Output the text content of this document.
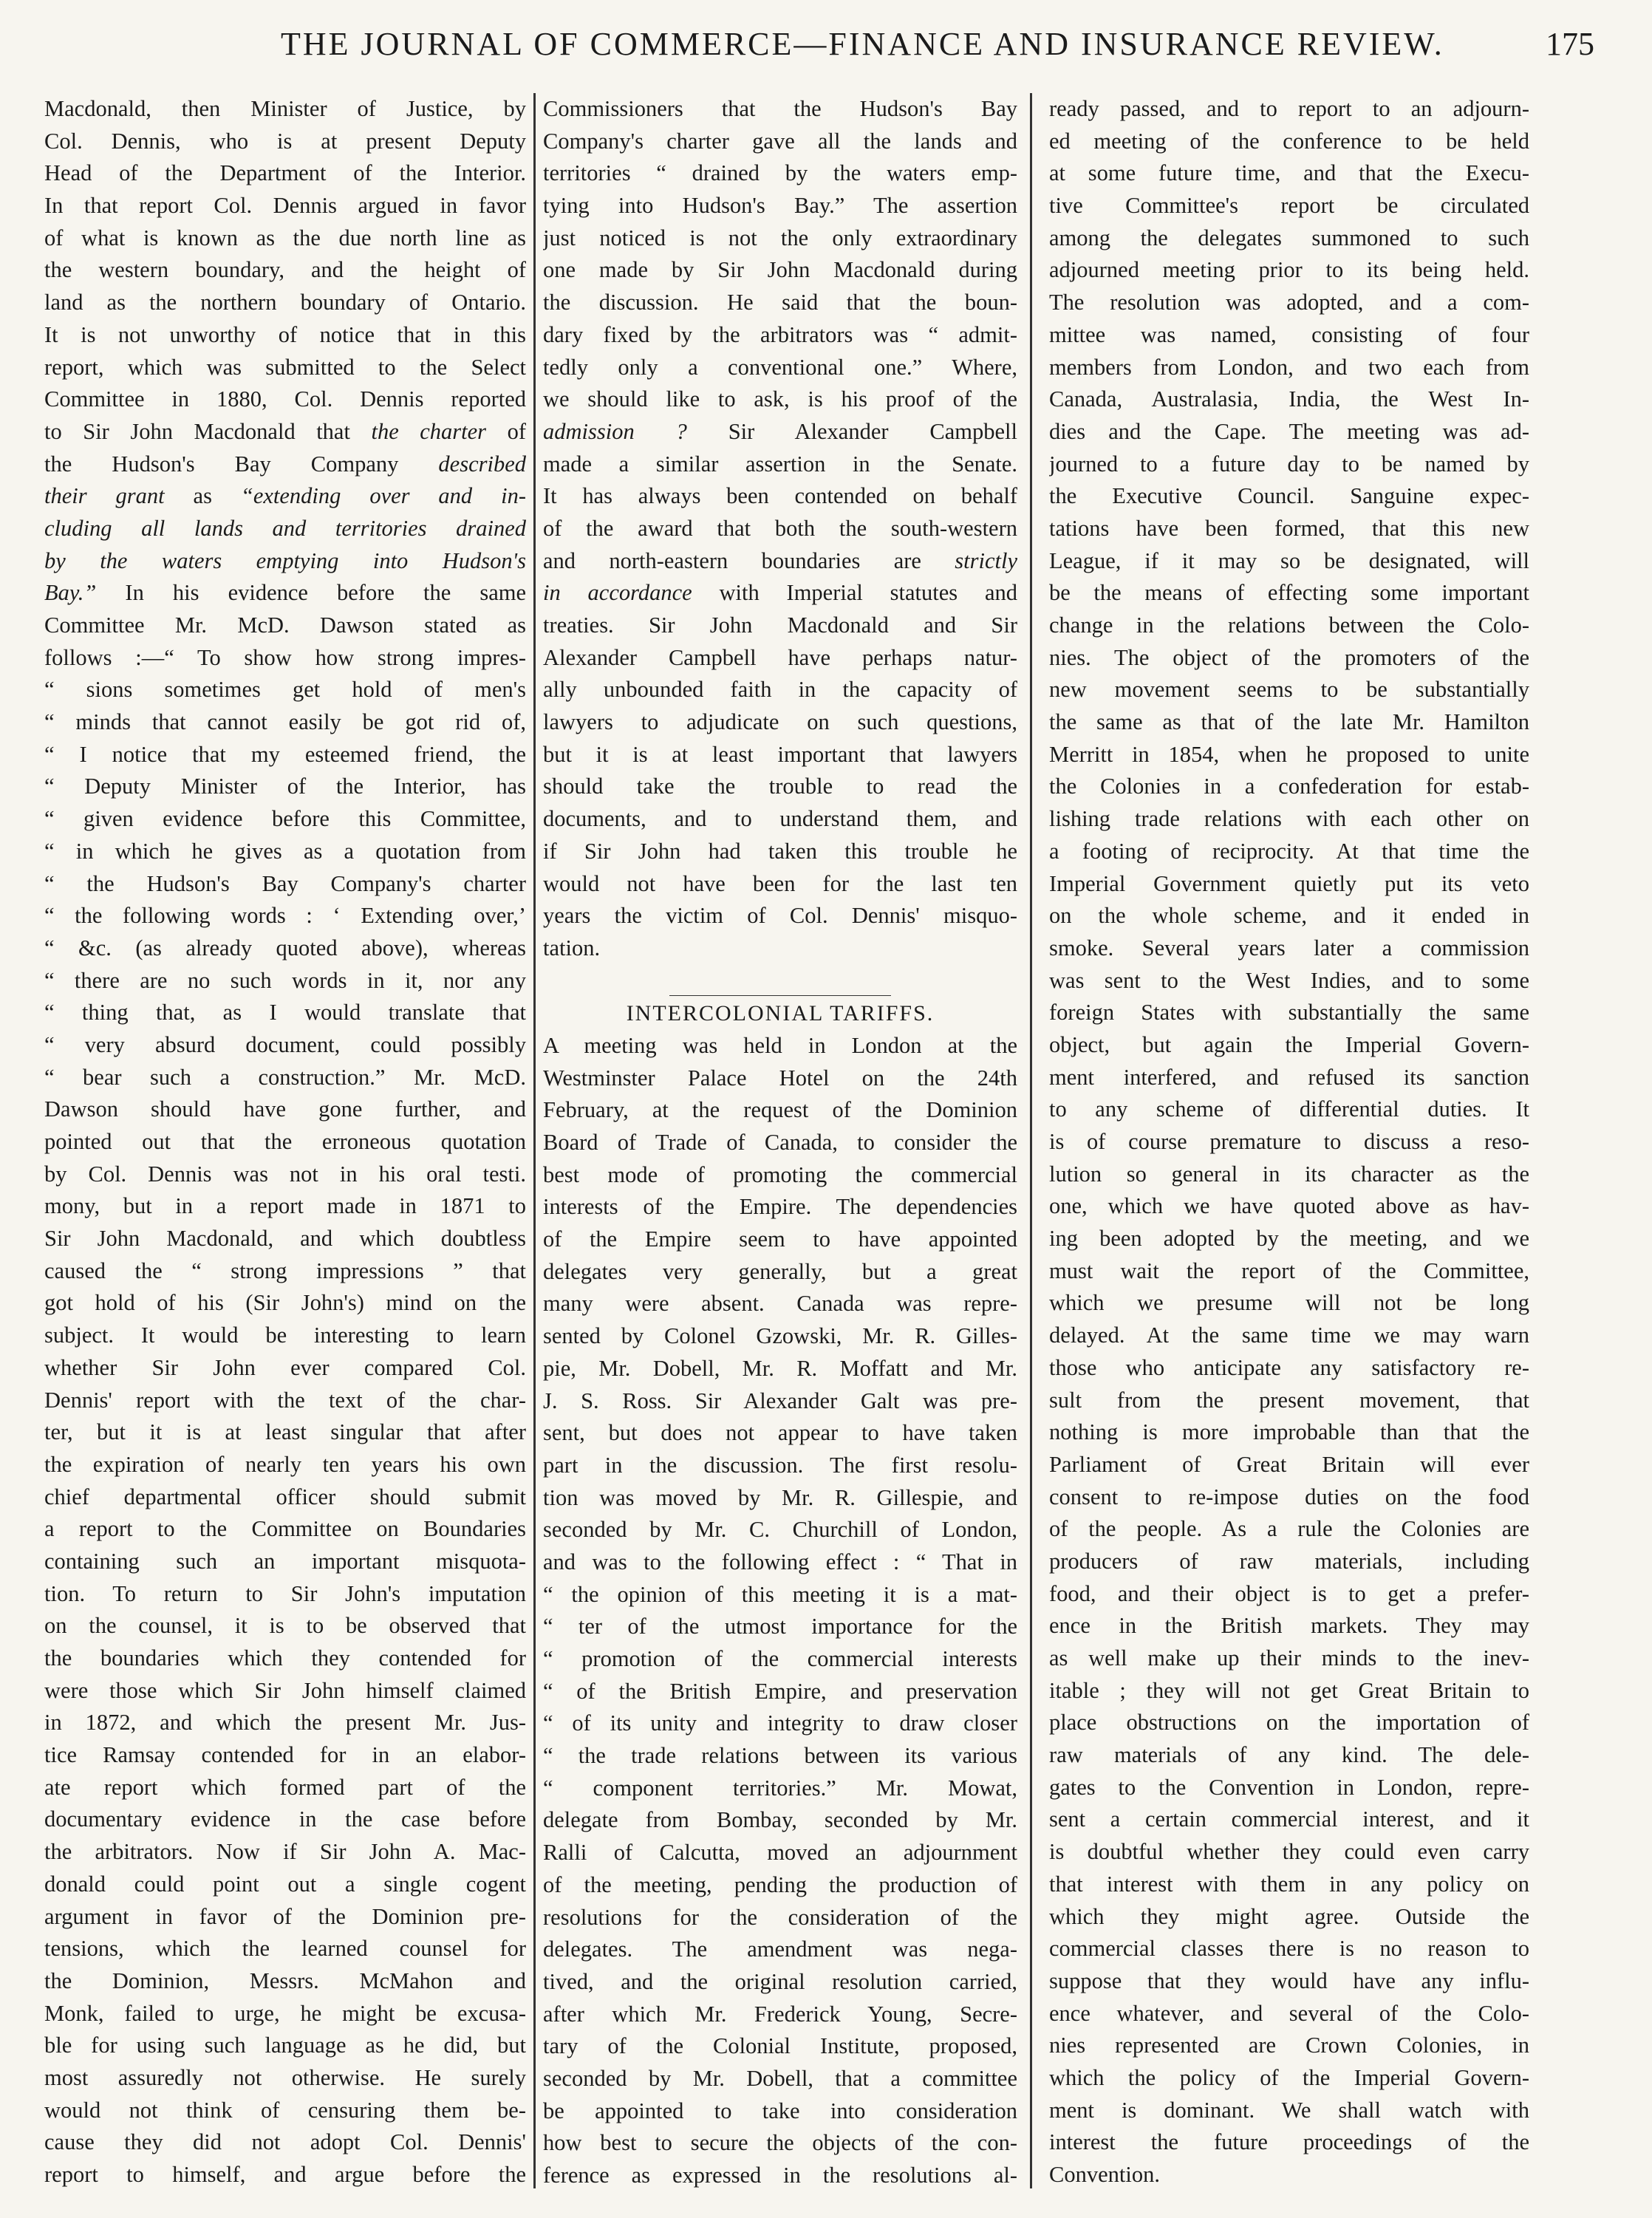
THE JOURNAL OF COMMERCE—FINANCE AND INSURANCE REVIEW.	175
Macdonald, then Minister of Justice, by
Col. Dennis, who is at present Deputy
Head of the Department of the Interior.
In that report Col. Dennis argued in favor
of what is known as the due north line as
the western boundary, and the height of
land as the northern boundary of Ontario.
It is not unworthy of notice that in this
report, which was submitted to the Select
Committee in 1880, Col. Dennis reported
to Sir John Macdonald that the charter of
the Hudson's Bay Company described
their grant as “extending over and in-
cluding all lands and territories drained
by the waters emptying into Hudson's
Bay.” In his evidence before the same
Committee Mr. McD. Dawson stated as
follows :—“ To show how strong impres-
“ sions sometimes get hold of men's
“ minds that cannot easily be got rid of,
“ I notice that my esteemed friend, the
“ Deputy Minister of the Interior, has
“ given evidence before this Committee,
“ in which he gives as a quotation from
“ the Hudson's Bay Company's charter
“ the following words : ‘ Extending over,’
“ &c. (as already quoted above), whereas
“ there are no such words in it, nor any
“ thing that, as I would translate that
“ very absurd document, could possibly
“ bear such a construction.” Mr. McD.
Dawson should have gone further, and
pointed out that the erroneous quotation
by Col. Dennis was not in his oral testi.
mony, but in a report made in 1871 to
Sir John Macdonald, and which doubtless
caused the “ strong impressions ” that
got hold of his (Sir John's) mind on the
subject. It would be interesting to learn
whether Sir John ever compared Col.
Dennis' report with the text of the char-
ter, but it is at least singular that after
the expiration of nearly ten years his own
chief departmental officer should submit
a report to the Committee on Boundaries
containing such an important misquota-
tion. To return to Sir John's imputation
on the counsel, it is to be observed that
the boundaries which they contended for
were those which Sir John himself claimed
in 1872, and which the present Mr. Jus-
tice Ramsay contended for in an elabor-
ate report which formed part of the
documentary evidence in the case before
the arbitrators. Now if Sir John A. Mac-
donald could point out a single cogent
argument in favor of the Dominion pre-
tensions, which the learned counsel for
the Dominion, Messrs. McMahon and
Monk, failed to urge, he might be excusa-
ble for using such language as he did, but
most assuredly not otherwise. He surely
would not think of censuring them be-
cause they did not adopt Col. Dennis'
report to himself, and argue before the
Commissioners that the Hudson's Bay
Company's charter gave all the lands and
territories “ drained by the waters emp-
tying into Hudson's Bay.” The assertion
just noticed is not the only extraordinary
one made by Sir John Macdonald during
the discussion. He said that the boun-
dary fixed by the arbitrators was “ admit-
tedly only a conventional one.” Where,
we should like to ask, is his proof of the
admission ? Sir Alexander Campbell
made a similar assertion in the Senate.
It has always been contended on behalf
of the award that both the south-western
and north-eastern boundaries are strictly
in accordance with Imperial statutes and
treaties. Sir John Macdonald and Sir
Alexander Campbell have perhaps natur-
ally unbounded faith in the capacity of
lawyers to adjudicate on such questions,
but it is at least important that lawyers
should take the trouble to read the
documents, and to understand them, and
if Sir John had taken this trouble he
would not have been for the last ten
years the victim of Col. Dennis' misquo-
tation.
INTERCOLONIAL TARIFFS.
A meeting was held in London at the
Westminster Palace Hotel on the 24th
February, at the request of the Dominion
Board of Trade of Canada, to consider the
best mode of promoting the commercial
interests of the Empire. The dependencies
of the Empire seem to have appointed
delegates very generally, but a great
many were absent. Canada was repre-
sented by Colonel Gzowski, Mr. R. Gilles-
pie, Mr. Dobell, Mr. R. Moffatt and Mr.
J. S. Ross. Sir Alexander Galt was pre-
sent, but does not appear to have taken
part in the discussion. The first resolu-
tion was moved by Mr. R. Gillespie, and
seconded by Mr. C. Churchill of London,
and was to the following effect : “ That in
“ the opinion of this meeting it is a mat-
“ ter of the utmost importance for the
“ promotion of the commercial interests
“ of the British Empire, and preservation
“ of its unity and integrity to draw closer
“ the trade relations between its various
“ component territories.” Mr. Mowat,
delegate from Bombay, seconded by Mr.
Ralli of Calcutta, moved an adjournment
of the meeting, pending the production of
resolutions for the consideration of the
delegates. The amendment was nega-
tived, and the original resolution carried,
after which Mr. Frederick Young, Secre-
tary of the Colonial Institute, proposed,
seconded by Mr. Dobell, that a committee
be appointed to take into consideration
how best to secure the objects of the con-
ference as expressed in the resolutions al-
ready passed, and to report to an adjourn-
ed meeting of the conference to be held
at some future time, and that the Execu-
tive Committee's report be circulated
among the delegates summoned to such
adjourned meeting prior to its being held.
The resolution was adopted, and a com-
mittee was named, consisting of four
members from London, and two each from
Canada, Australasia, India, the West In-
dies and the Cape. The meeting was ad-
journed to a future day to be named by
the Executive Council. Sanguine expec-
tations have been formed, that this new
League, if it may so be designated, will
be the means of effecting some important
change in the relations between the Colo-
nies. The object of the promoters of the
new movement seems to be substantially
the same as that of the late Mr. Hamilton
Merritt in 1854, when he proposed to unite
the Colonies in a confederation for estab-
lishing trade relations with each other on
a footing of reciprocity. At that time the
Imperial Government quietly put its veto
on the whole scheme, and it ended in
smoke. Several years later a commission
was sent to the West Indies, and to some
foreign States with substantially the same
object, but again the Imperial Govern-
ment interfered, and refused its sanction
to any scheme of differential duties. It
is of course premature to discuss a reso-
lution so general in its character as the
one, which we have quoted above as hav-
ing been adopted by the meeting, and we
must wait the report of the Committee,
which we presume will not be long
delayed. At the same time we may warn
those who anticipate any satisfactory re-
sult from the present movement, that
nothing is more improbable than that the
Parliament of Great Britain will ever
consent to re-impose duties on the food
of the people. As a rule the Colonies are
producers of raw materials, including
food, and their object is to get a prefer-
ence in the British markets. They may
as well make up their minds to the inev-
itable ; they will not get Great Britain to
place obstructions on the importation of
raw materials of any kind. The dele-
gates to the Convention in London, repre-
sent a certain commercial interest, and it
is doubtful whether they could even carry
that interest with them in any policy on
which they might agree. Outside the
commercial classes there is no reason to
suppose that they would have any influ-
ence whatever, and several of the Colo-
nies represented are Crown Colonies, in
which the policy of the Imperial Govern-
ment is dominant. We shall watch with
interest the future proceedings of the
Convention.
